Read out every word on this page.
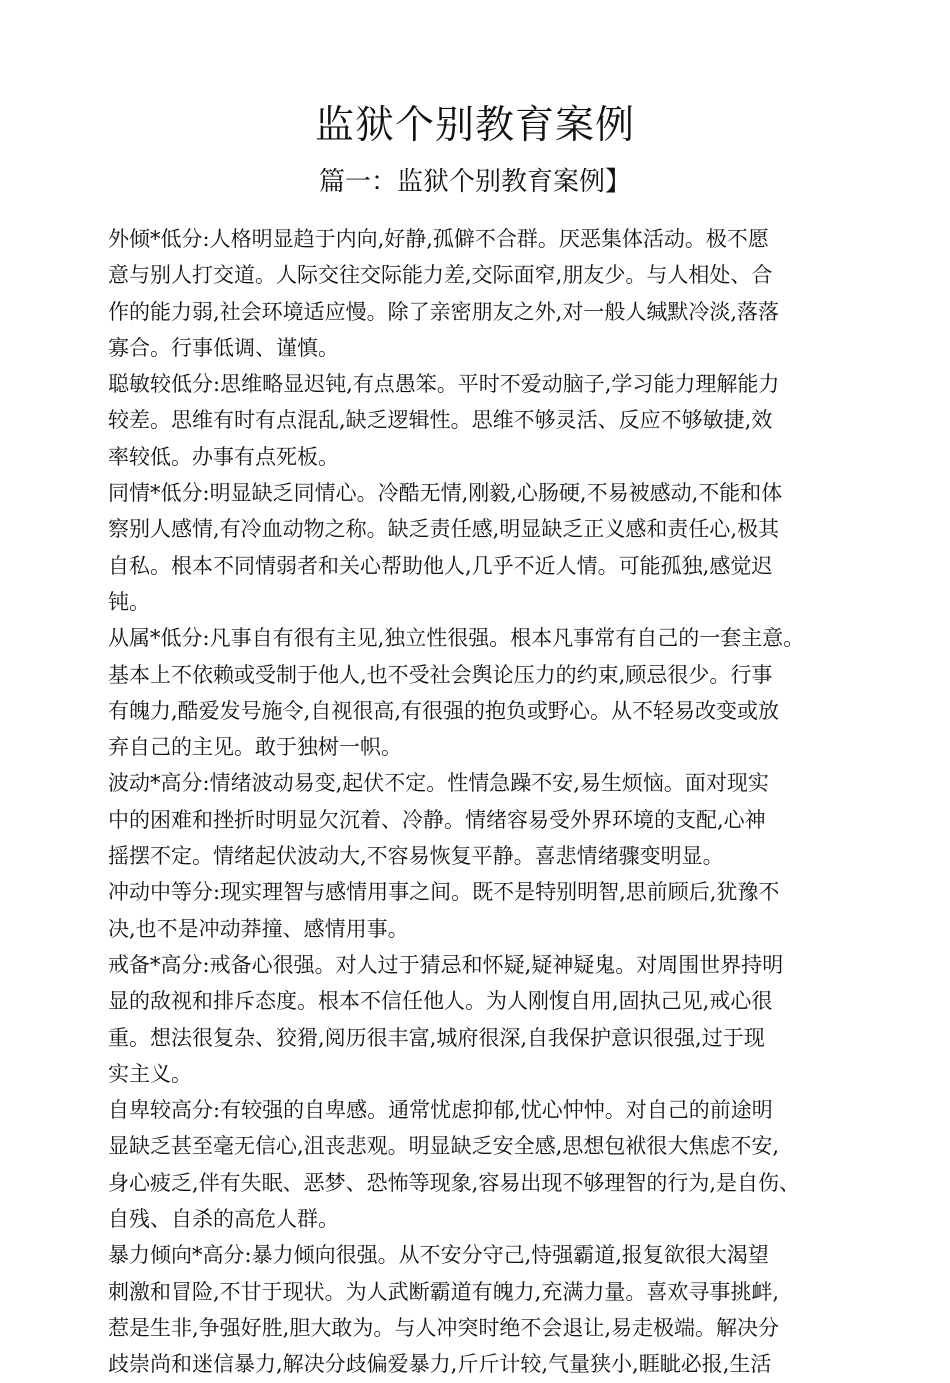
监狱个别教育案例
篇一：监狱个别教育案例】
外倾*低分:人格明显趋于内向,好静,孤僻不合群。厌恶集体活动。极不愿
意与别人打交道。人际交往交际能力差,交际面窄,朋友少。与人相处、合
作的能力弱,社会环境适应慢。除了亲密朋友之外,对一般人缄默冷淡,落落
寡合。行事低调、谨慎。
聪敏较低分:思维略显迟钝,有点愚笨。平时不爱动脑子,学习能力理解能力
较差。思维有时有点混乱,缺乏逻辑性。思维不够灵活、反应不够敏捷,效
率较低。办事有点死板。
同情*低分:明显缺乏同情心。冷酷无情,刚毅,心肠硬,不易被感动,不能和体
察别人感情,有冷血动物之称。缺乏责任感,明显缺乏正义感和责任心,极其
自私。根本不同情弱者和关心帮助他人,几乎不近人情。可能孤独,感觉迟
钝。
从属*低分:凡事自有很有主见,独立性很强。根本凡事常有自己的一套主意。
基本上不依赖或受制于他人,也不受社会舆论压力的约束,顾忌很少。行事
有魄力,酷爱发号施令,自视很高,有很强的抱负或野心。从不轻易改变或放
弃自己的主见。敢于独树一帜。
波动*高分:情绪波动易变,起伏不定。性情急躁不安,易生烦恼。面对现实
中的困难和挫折时明显欠沉着、冷静。情绪容易受外界环境的支配,心神
摇摆不定。情绪起伏波动大,不容易恢复平静。喜悲情绪骤变明显。
冲动中等分:现实理智与感情用事之间。既不是特别明智,思前顾后,犹豫不
决,也不是冲动莽撞、感情用事。
戒备*高分:戒备心很强。对人过于猜忌和怀疑,疑神疑鬼。对周围世界持明
显的敌视和排斥态度。根本不信任他人。为人刚愎自用,固执己见,戒心很
重。想法很复杂、狡猾,阅历很丰富,城府很深,自我保护意识很强,过于现
实主义。
自卑较高分:有较强的自卑感。通常忧虑抑郁,忧心忡忡。对自己的前途明
显缺乏甚至毫无信心,沮丧悲观。明显缺乏安全感,思想包袱很大焦虑不安,
身心疲乏,伴有失眠、恶梦、恐怖等现象,容易出现不够理智的行为,是自伤、
自残、自杀的高危人群。
暴力倾向*高分:暴力倾向很强。从不安分守己,恃强霸道,报复欲很大渴望
刺激和冒险,不甘于现状。为人武断霸道有魄力,充满力量。喜欢寻事挑衅,
惹是生非,争强好胜,胆大敢为。与人冲突时绝不会退让,易走极端。解决分
歧崇尚和迷信暴力,解决分歧偏爱暴力,斤斤计较,气量狭小,睚眦必报,生活
